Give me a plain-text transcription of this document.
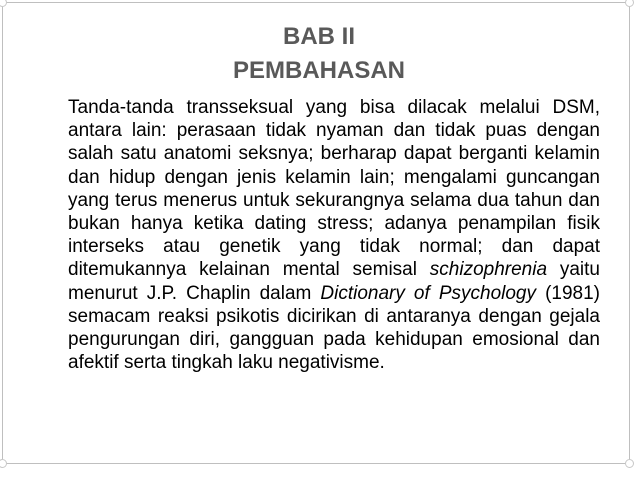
BAB II
PEMBAHASAN

Tanda-tanda transseksual yang bisa dilacak melalui DSM, antara lain: perasaan tidak nyaman dan tidak puas dengan salah satu anatomi seksnya; berharap dapat berganti kelamin dan hidup dengan jenis kelamin lain; mengalami guncangan yang terus menerus untuk sekurangnya selama dua tahun dan bukan hanya ketika dating stress; adanya penampilan fisik interseks atau genetik yang tidak normal; dan dapat ditemukannya kelainan mental semisal schizophrenia yaitu menurut J.P. Chaplin dalam Dictionary of Psychology (1981) semacam reaksi psikotis dicirikan di antaranya dengan gejala pengurungan diri, gangguan pada kehidupan emosional dan afektif serta tingkah laku negativisme.
